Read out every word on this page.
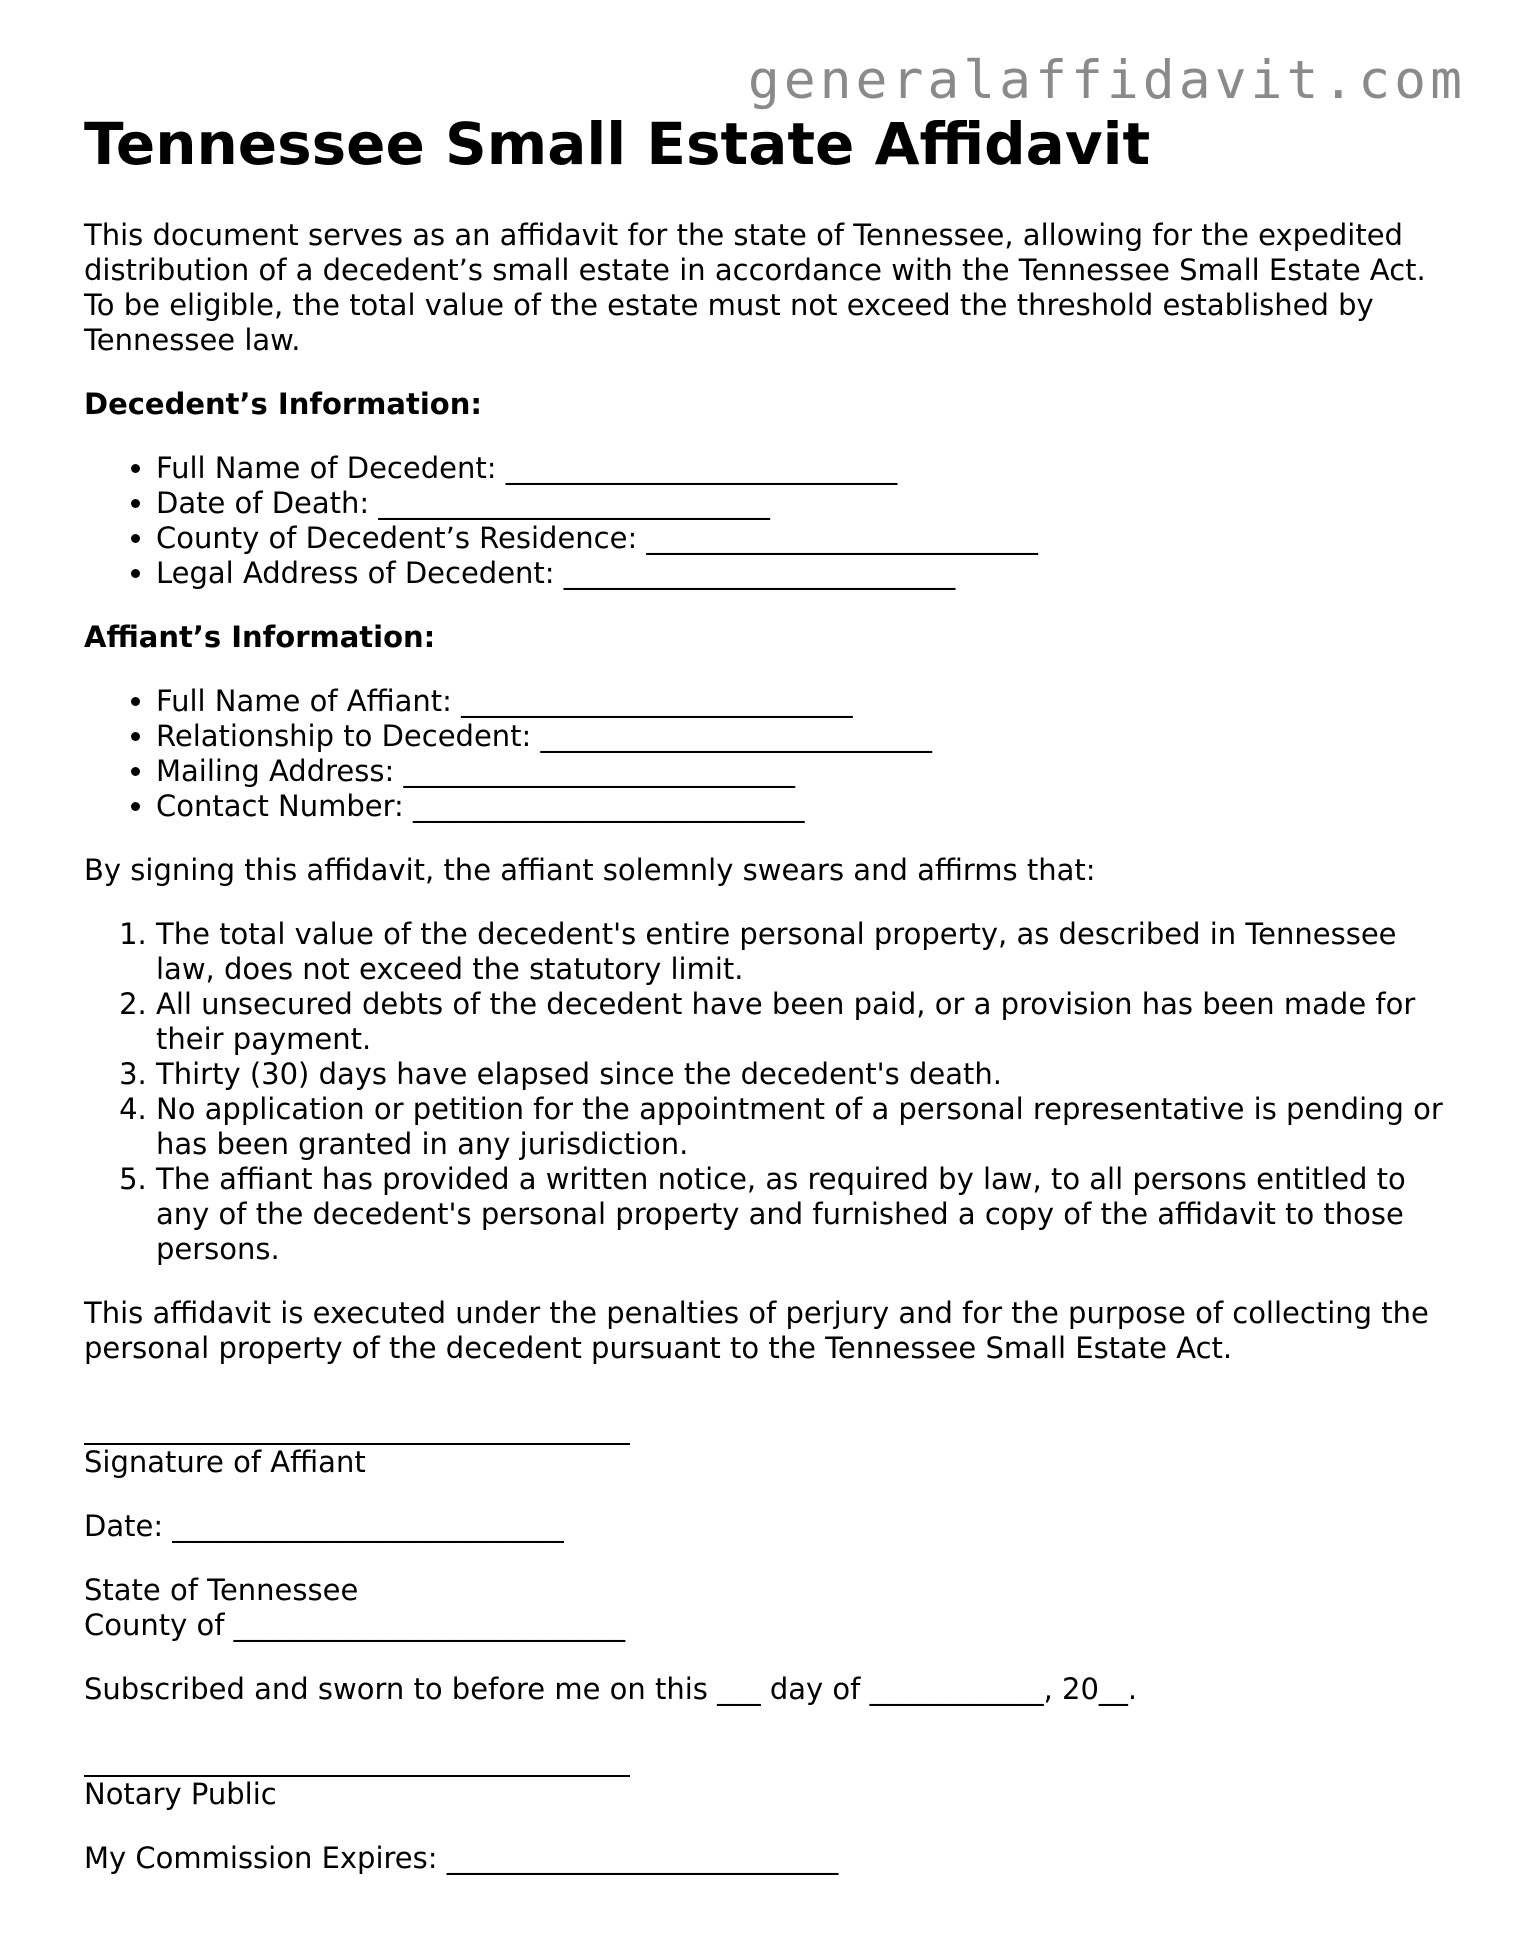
generalaffidavit.com
Tennessee Small Estate Affidavit

This document serves as an affidavit for the state of Tennessee, allowing for the expedited distribution of a decedent’s small estate in accordance with the Tennessee Small Estate Act. To be eligible, the total value of the estate must not exceed the threshold established by Tennessee law.

Decedent’s Information:

• Full Name of Decedent: ___________________________
• Date of Death: ___________________________
• County of Decedent’s Residence: ___________________________
• Legal Address of Decedent: ___________________________

Affiant’s Information:

• Full Name of Affiant: ___________________________
• Relationship to Decedent: ___________________________
• Mailing Address: ___________________________
• Contact Number: ___________________________

By signing this affidavit, the affiant solemnly swears and affirms that:

1. The total value of the decedent's entire personal property, as described in Tennessee law, does not exceed the statutory limit.
2. All unsecured debts of the decedent have been paid, or a provision has been made for their payment.
3. Thirty (30) days have elapsed since the decedent's death.
4. No application or petition for the appointment of a personal representative is pending or has been granted in any jurisdiction.
5. The affiant has provided a written notice, as required by law, to all persons entitled to any of the decedent's personal property and furnished a copy of the affidavit to those persons.

This affidavit is executed under the penalties of perjury and for the purpose of collecting the personal property of the decedent pursuant to the Tennessee Small Estate Act.

Signature of Affiant

Date: ___________________________

State of Tennessee

County of ___________________________

Subscribed and sworn to before me on this ___ day of ____________, 20__.

Notary Public

My Commission Expires: ___________________________
